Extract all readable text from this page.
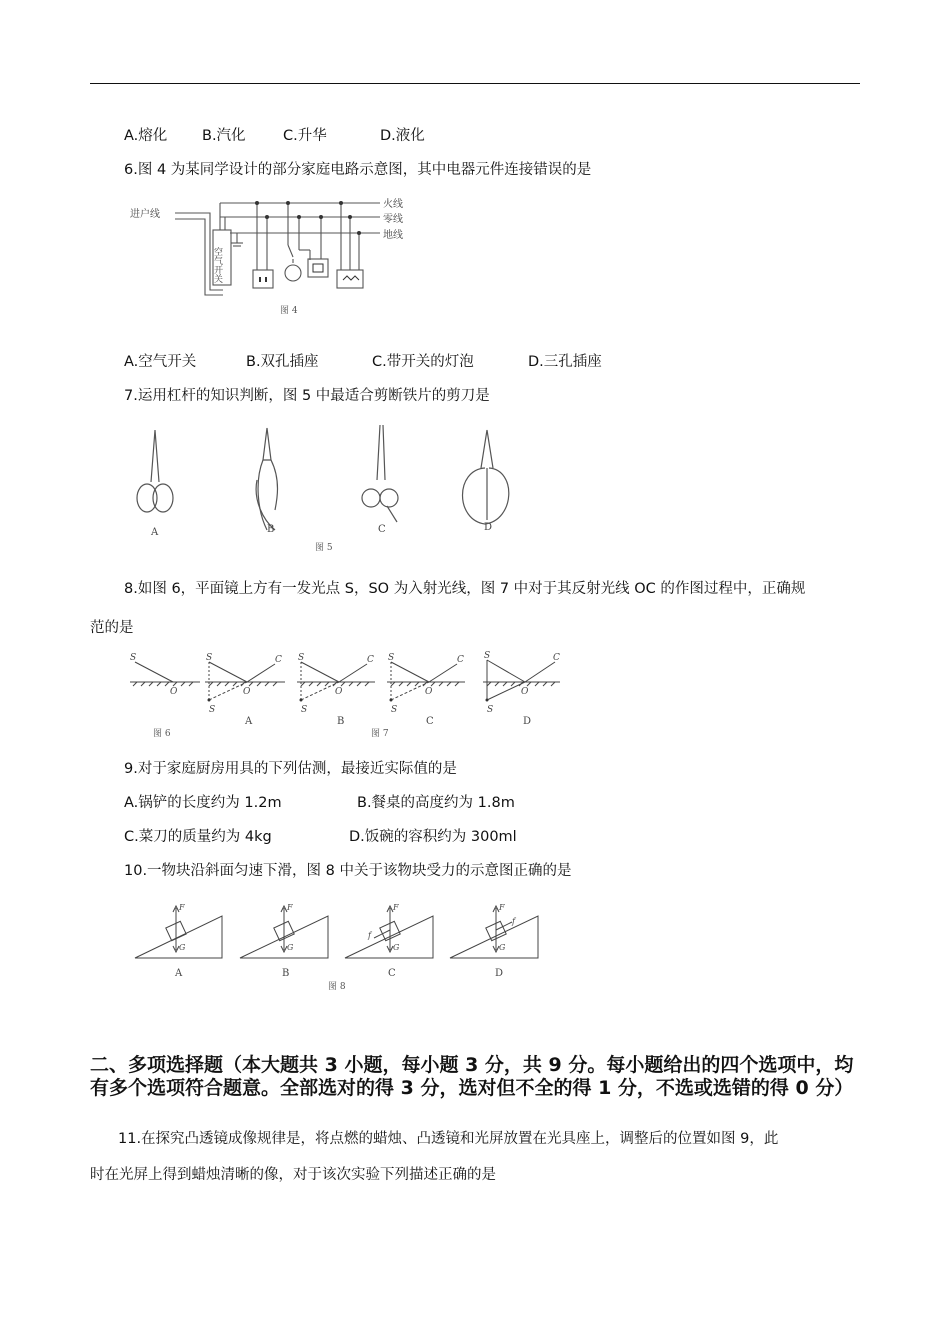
A.熔化 B.汽化	C.升华	D.液化
6.图 4 为某同学设计的部分家庭电路示意图，其中电器元件连接错误的是
进户线
火线
零线
地线
空气开关
图 4
A.空气开关	B.双孔插座	C.带开关的灯泡	D.三孔插座
7.运用杠杆的知识判断，图 5 中最适合剪断铁片的剪刀是
A	B	C	D
图 5
8.如图 6，平面镜上方有一发光点 S，SO 为入射光线，图 7 中对于其反射光线 OC 的作图过程中，正确规
范的是
S
O
S	C
O
S
S	C
O
S
S	C
O
S
S	C
O
S
A	B	C	D
图 6	图 7
9.对于家庭厨房用具的下列估测，最接近实际值的是
A.锅铲的长度约为 1.2m	B.餐桌的高度约为 1.8m
C.菜刀的质量约为 4kg	D.饭碗的容积约为 300ml
10.一物块沿斜面匀速下滑，图 8 中关于该物块受力的示意图正确的是
F
G
F
G
F
G
f
F
G
f
A	B	C	D
图 8
二、多项选择题（本大题共 3 小题，每小题 3 分，共 9 分。每小题给出的四个选项中，均有多个选项符合题意。全部选对的得 3 分，选对但不全的得 1 分，不选或选错的得 0 分）
11.在探究凸透镜成像规律是，将点燃的蜡烛、凸透镜和光屏放置在光具座上，调整后的位置如图 9，此
时在光屏上得到蜡烛清晰的像，对于该次实验下列描述正确的是
